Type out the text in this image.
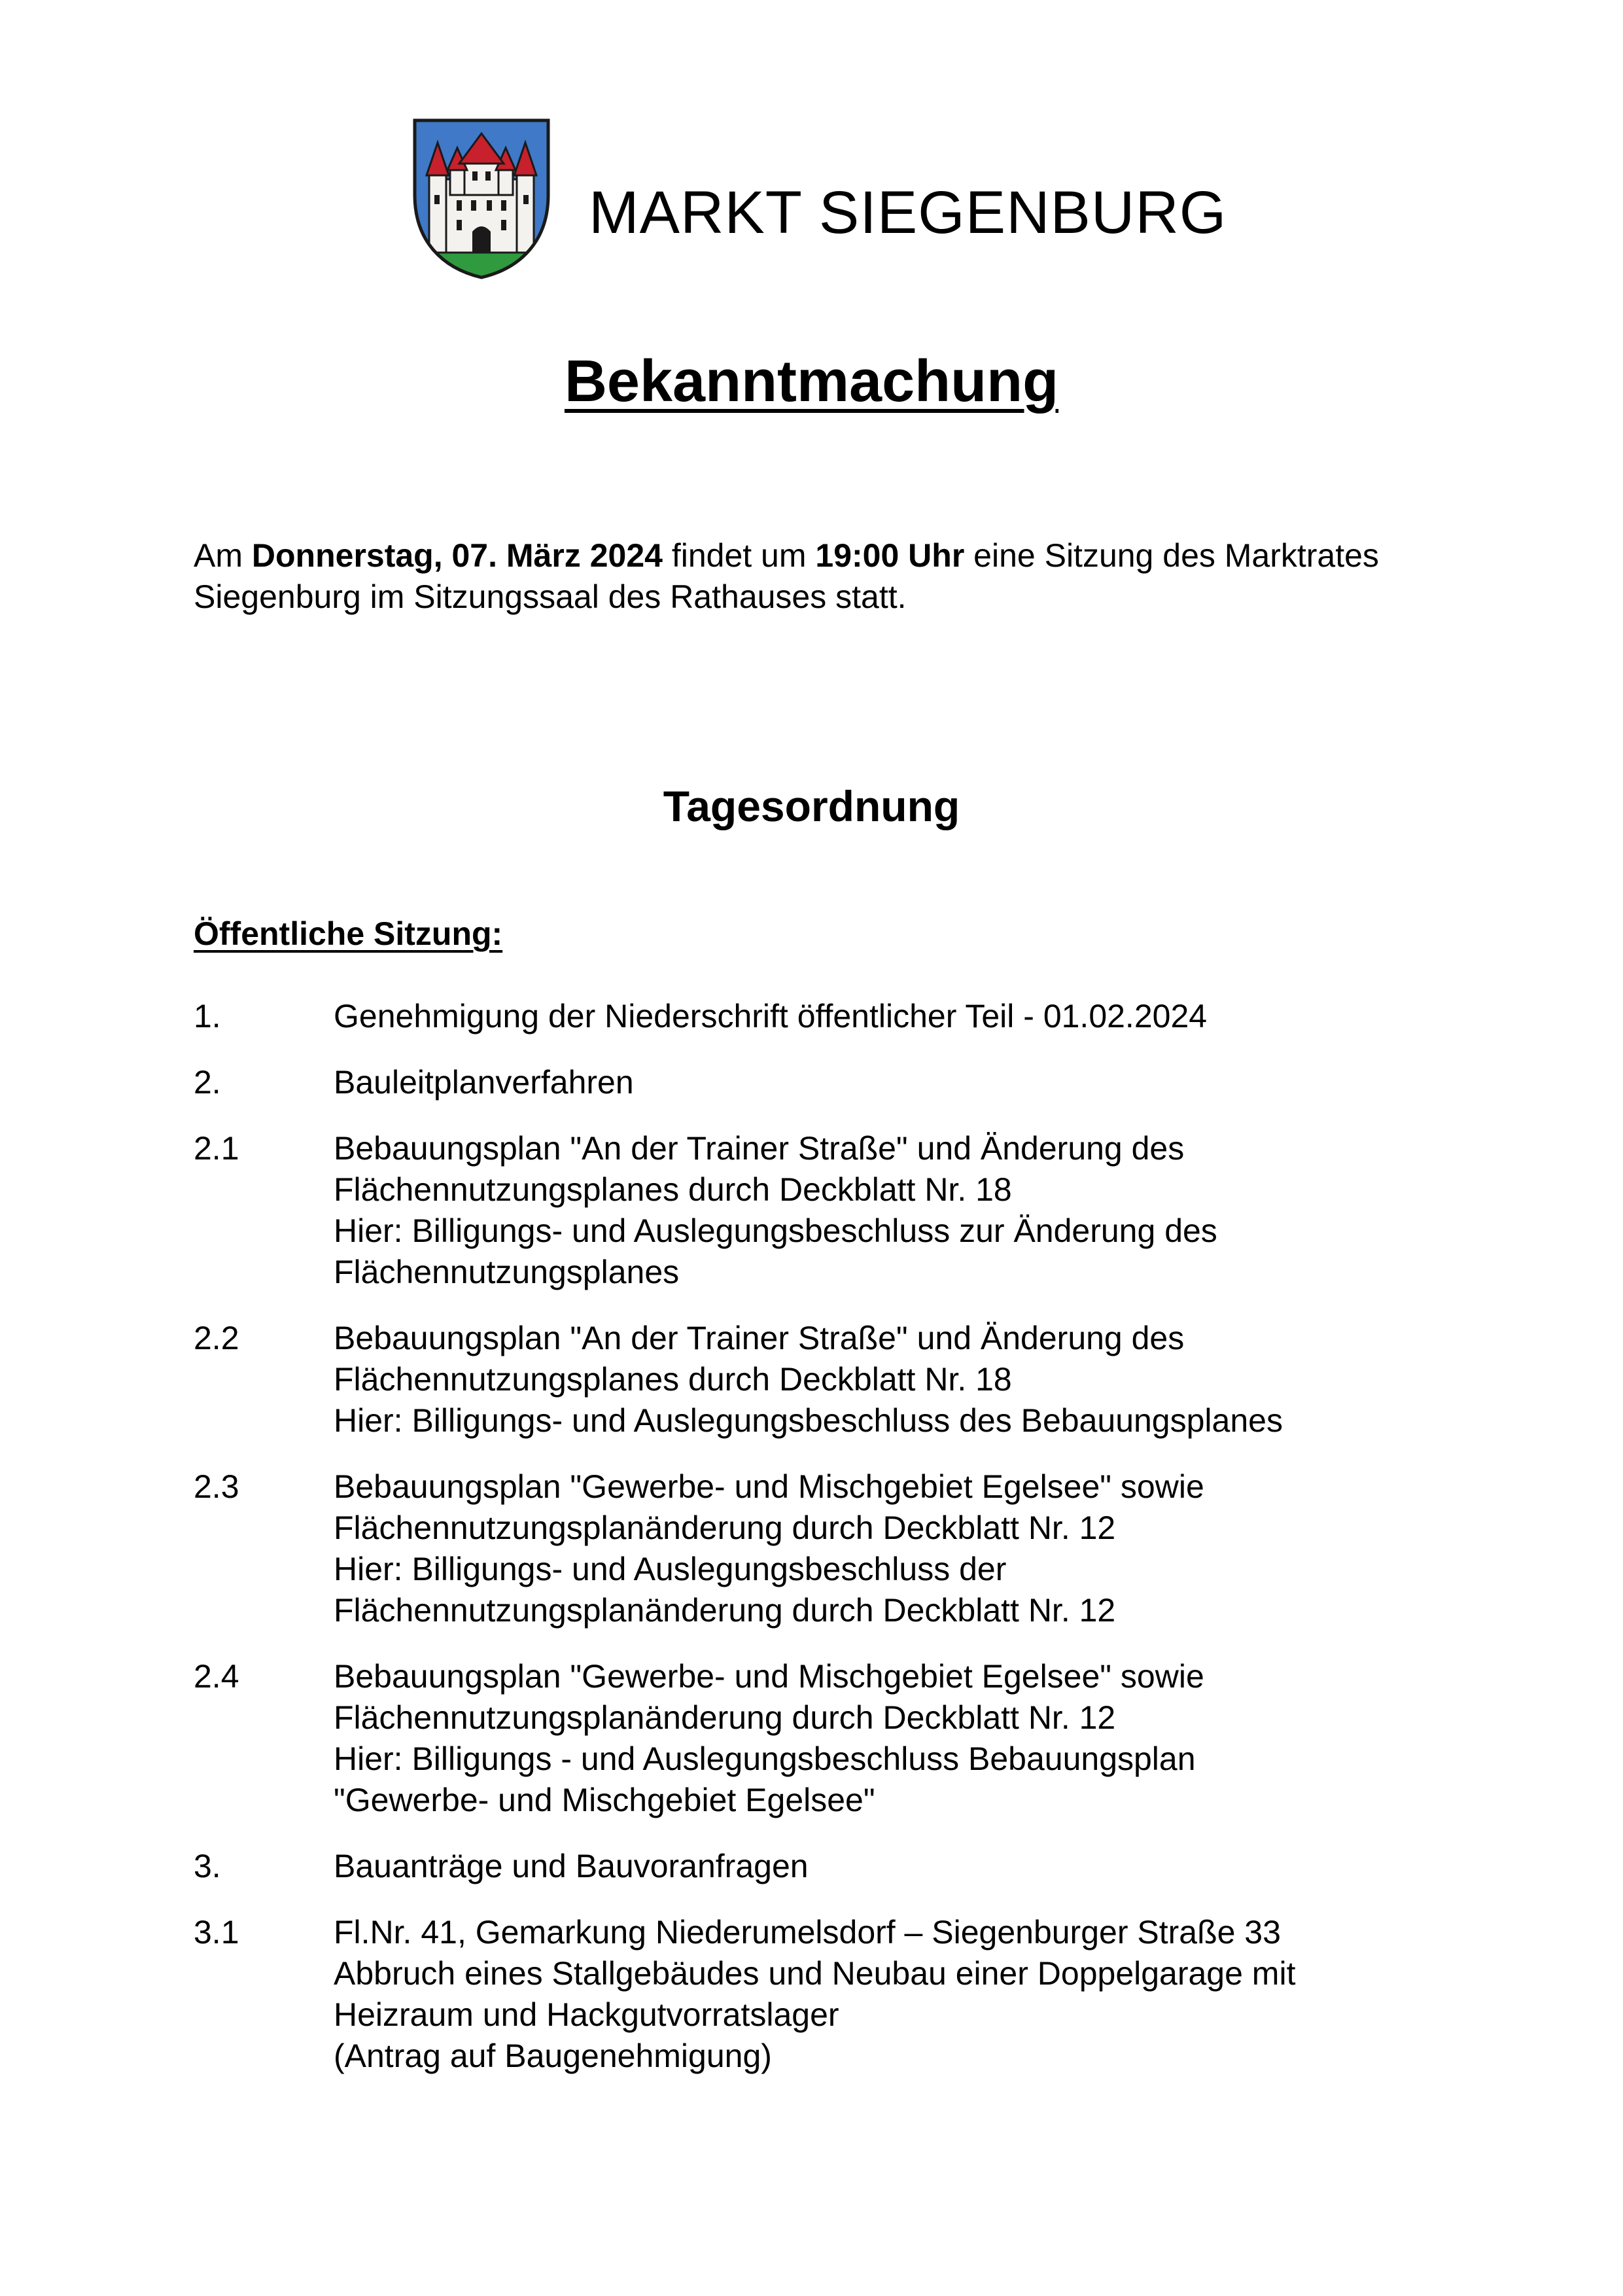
MARKT SIEGENBURG
Bekanntmachung
Am Donnerstag, 07. März 2024 findet um 19:00 Uhr eine Sitzung des Marktrates Siegenburg im Sitzungssaal des Rathauses statt.
Tagesordnung
Öffentliche Sitzung:
1.	Genehmigung der Niederschrift öffentlicher Teil - 01.02.2024
2.	Bauleitplanverfahren
2.1	Bebauungsplan "An der Trainer Straße" und Änderung des
Flächennutzungsplanes durch Deckblatt Nr. 18
Hier: Billigungs- und Auslegungsbeschluss zur Änderung des
Flächennutzungsplanes
2.2	Bebauungsplan "An der Trainer Straße" und Änderung des
Flächennutzungsplanes durch Deckblatt Nr. 18
Hier: Billigungs- und Auslegungsbeschluss des Bebauungsplanes
2.3	Bebauungsplan "Gewerbe- und Mischgebiet Egelsee" sowie
Flächennutzungsplanänderung durch Deckblatt Nr. 12
Hier: Billigungs- und Auslegungsbeschluss der
Flächennutzungsplanänderung durch Deckblatt Nr. 12
2.4	Bebauungsplan "Gewerbe- und Mischgebiet Egelsee" sowie
Flächennutzungsplanänderung durch Deckblatt Nr. 12
Hier: Billigungs - und Auslegungsbeschluss Bebauungsplan
"Gewerbe- und Mischgebiet Egelsee"
3.	Bauanträge und Bauvoranfragen
3.1	Fl.Nr. 41, Gemarkung Niederumelsdorf – Siegenburger Straße 33
Abbruch eines Stallgebäudes und Neubau einer Doppelgarage mit
Heizraum und Hackgutvorratslager
(Antrag auf Baugenehmigung)
